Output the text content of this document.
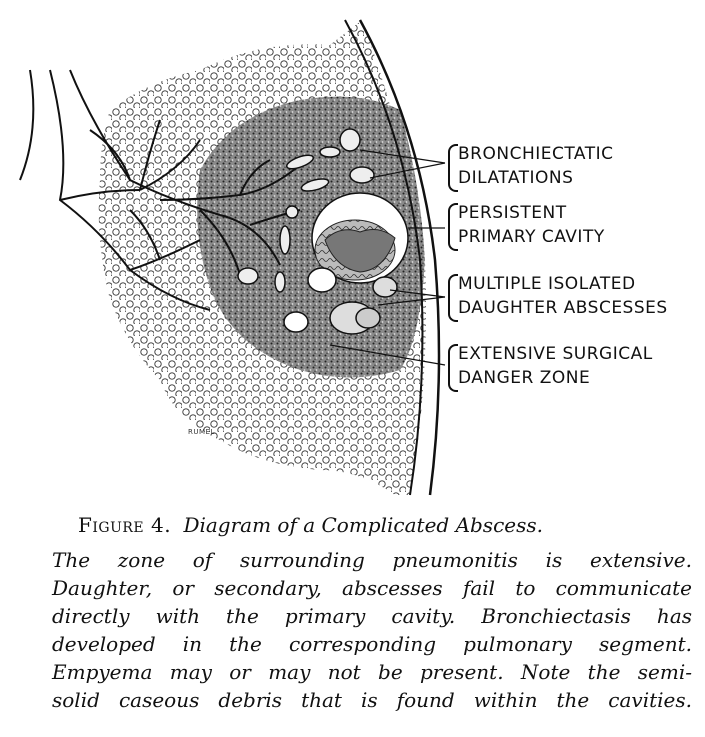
BRONCHIECTATIC
DILATATIONS
PERSISTENT
PRIMARY CAVITY
MULTIPLE ISOLATED
DAUGHTER ABSCESSES
EXTENSIVE SURGICAL
DANGER ZONE
RUMEL
Figure 4. Diagram of a Complicated Abscess.
The zone of surrounding pneumonitis is extensive.
Daughter, or secondary, abscesses fail to communicate
directly with the primary cavity. Bronchiectasis has
developed in the corresponding pulmonary segment.
Empyema may or may not be present. Note the semi-
solid caseous debris that is found within the cavities.
